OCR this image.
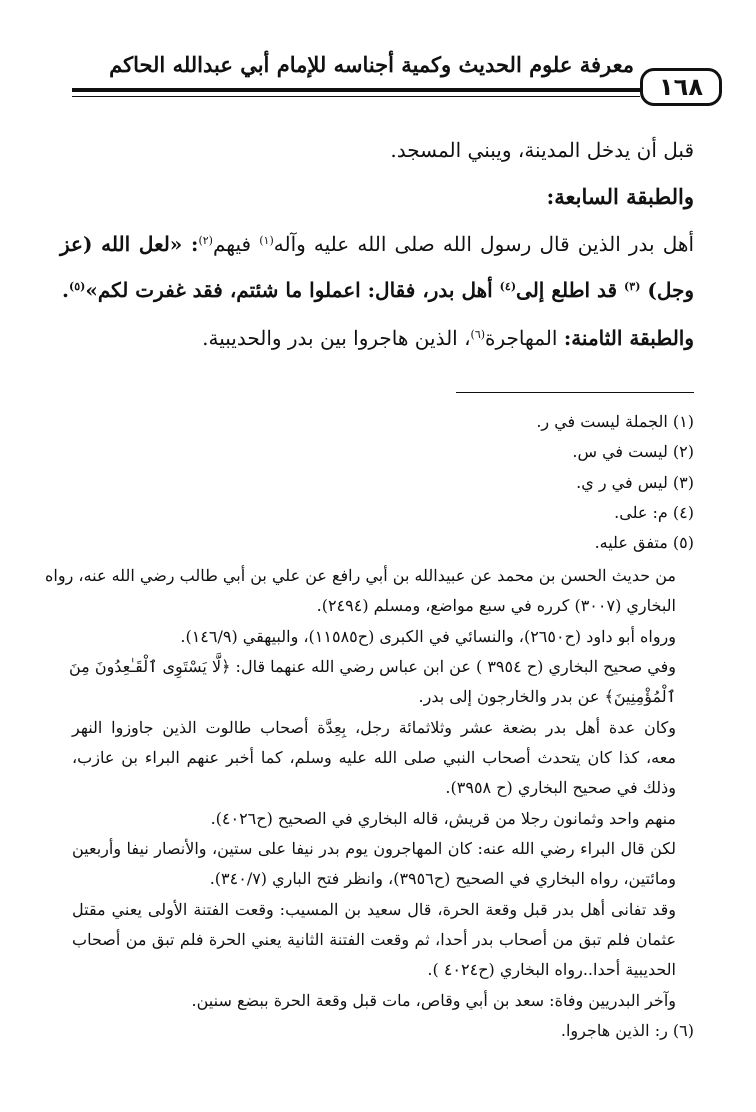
معرفة علوم الحديث وكمية أجناسه للإمام أبي عبدالله الحاكم
١٦٨
قبل أن يدخل المدينة، ويبني المسجد.
والطبقة السابعة:
أهل بدر الذين قال رسول الله صلى الله عليه وآله$^{(١)}$ فيهم$^{(٢)}$: «لعل الله (عز
وجل) $^{(٣)}$ قد اطلع إلى$^{(٤)}$ أهل بدر، فقال: اعملوا ما شئتم، فقد غفرت لكم»$^{(٥)}$.
والطبقة الثامنة: المهاجرة$^{(٦)}$، الذين هاجروا بين بدر والحديبية.
(١) الجملة ليست في ر.
(٢) ليست في س.
(٣) ليس في ر ي.
(٤) م: على.
(٥) متفق عليه.
من حديث الحسن بن محمد عن عبيدالله بن أبي رافع عن علي بن أبي طالب رضي الله عنه، رواه
البخاري (٣٠٠٧) كرره في سبع مواضع، ومسلم (٢٤٩٤).
ورواه أبو داود (ح٢٦٥٠)، والنسائي في الكبرى (ح١١٥٨٥)، والبيهقي (١٤٦/٩).
وفي صحيح البخاري (ح ٣٩٥٤ ) عن ابن عباس رضي الله عنهما قال: ﴿لَّا يَسْتَوِى ٱلْقَـٰعِدُونَ مِنَ
ٱلْمُؤْمِنِينَ﴾ عن بدر والخارجون إلى بدر.
وكان عدة أهل بدر بضعة عشر وثلاثمائة رجل، بِعِدَّة أصحاب طالوت الذين جاوزوا النهر
معه، كذا كان يتحدث أصحاب النبي صلى الله عليه وسلم، كما أخبر عنهم البراء بن عازب،
وذلك في صحيح البخاري (ح ٣٩٥٨).
منهم واحد وثمانون رجلا من قريش، قاله البخاري في الصحيح (ح٤٠٢٦).
لكن قال البراء رضي الله عنه: كان المهاجرون يوم بدر نيفا على ستين، والأنصار نيفا وأربعين
ومائتين، رواه البخاري في الصحيح (ح٣٩٥٦)، وانظر فتح الباري (٣٤٠/٧).
وقد تفانى أهل بدر قبل وقعة الحرة، قال سعيد بن المسيب: وقعت الفتنة الأولى يعني مقتل
عثمان فلم تبق من أصحاب بدر أحدا، ثم وقعت الفتنة الثانية يعني الحرة فلم تبق من أصحاب
الحديبية أحدا..رواه البخاري (ح٤٠٢٤ ).
وآخر البدريين وفاة: سعد بن أبي وقاص، مات قبل وقعة الحرة ببضع سنين.
(٦) ر: الذين هاجروا.
